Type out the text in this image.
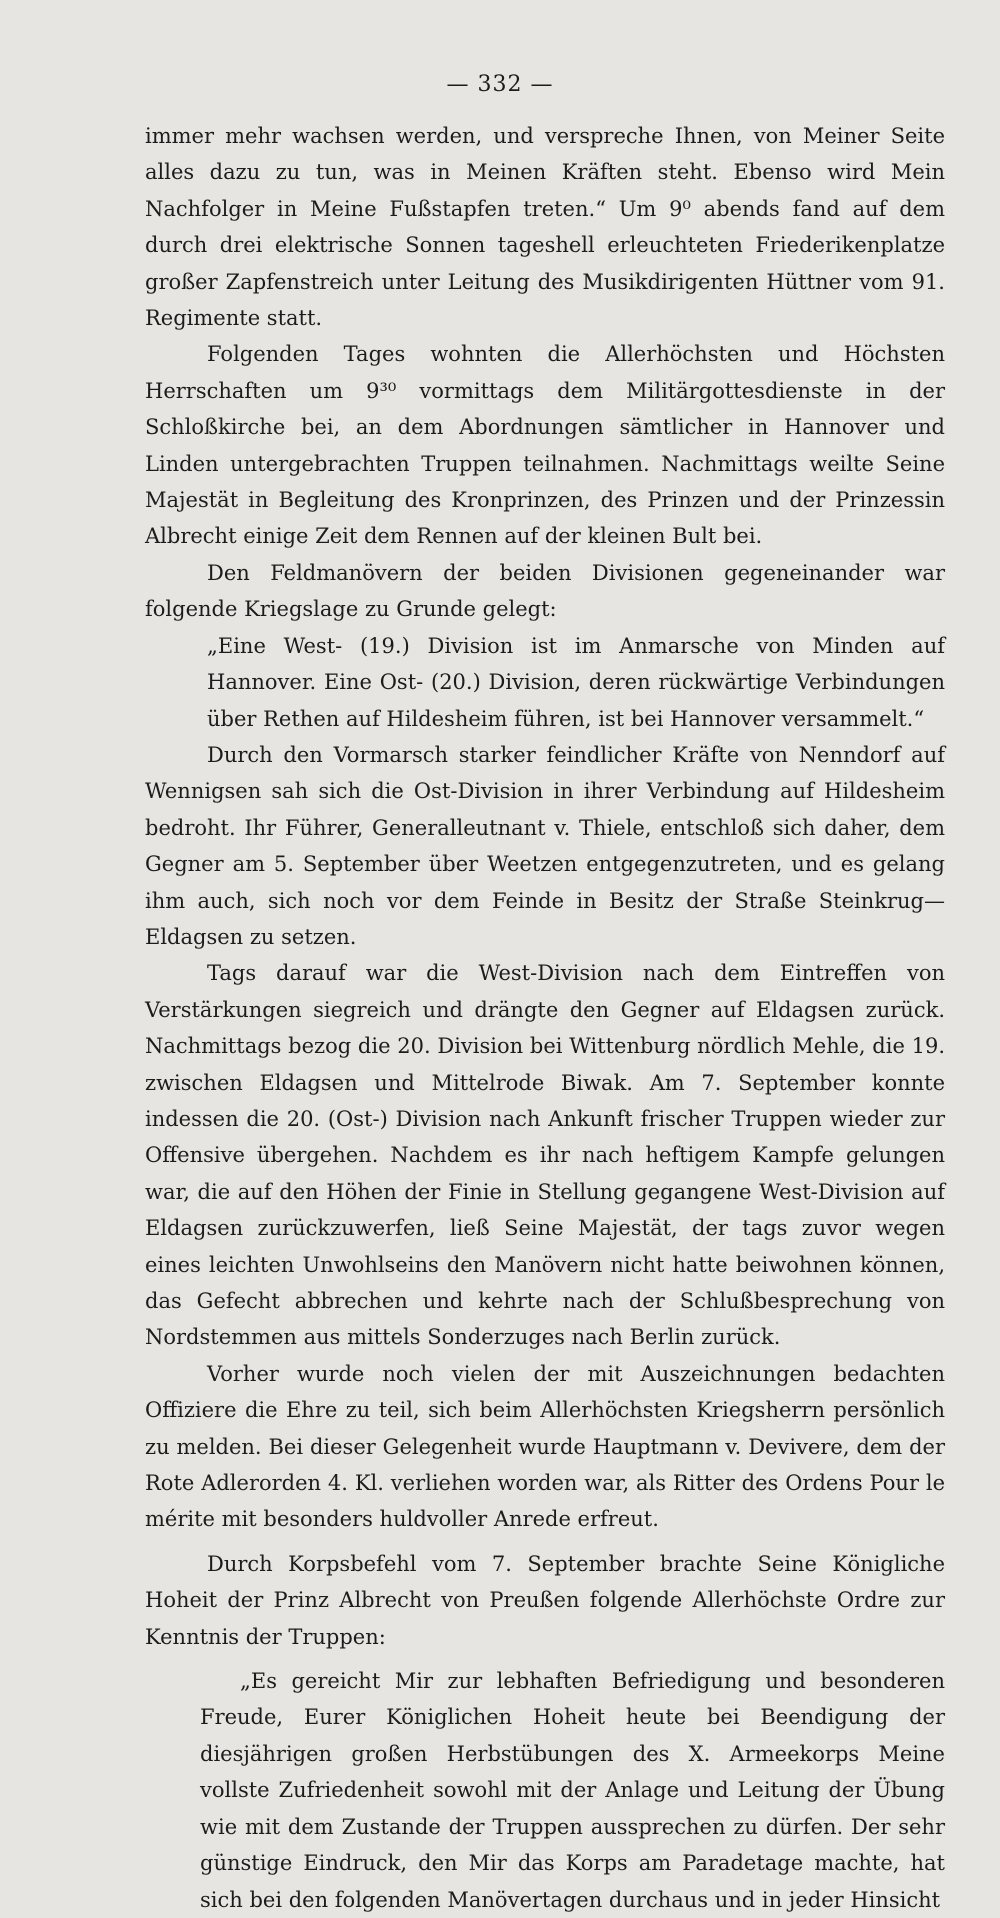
— 332 —

immer mehr wachsen werden, und verspreche Ihnen, von Meiner Seite alles dazu zu tun, was in Meinen Kräften steht. Ebenso wird Mein Nachfolger in Meine Fußstapfen treten.“ Um 9⁰ abends fand auf dem durch drei elektrische Sonnen tageshell erleuchteten Friederikenplatze großer Zapfenstreich unter Leitung des Musikdirigenten Hüttner vom 91. Regimente statt.

Folgenden Tages wohnten die Allerhöchsten und Höchsten Herrschaften um 9³⁰ vormittags dem Militärgottesdienste in der Schloßkirche bei, an dem Abordnungen sämtlicher in Hannover und Linden untergebrachten Truppen teilnahmen. Nachmittags weilte Seine Majestät in Begleitung des Kronprinzen, des Prinzen und der Prinzessin Albrecht einige Zeit dem Rennen auf der kleinen Bult bei.

Den Feldmanövern der beiden Divisionen gegeneinander war folgende Kriegslage zu Grunde gelegt:

„Eine West- (19.) Division ist im Anmarsche von Minden auf Hannover. Eine Ost- (20.) Division, deren rückwärtige Verbindungen über Rethen auf Hildesheim führen, ist bei Hannover versammelt.“

Durch den Vormarsch starker feindlicher Kräfte von Nenndorf auf Wennigsen sah sich die Ost-Division in ihrer Verbindung auf Hildesheim bedroht. Ihr Führer, Generalleutnant v. Thiele, entschloß sich daher, dem Gegner am 5. September über Weetzen entgegenzutreten, und es gelang ihm auch, sich noch vor dem Feinde in Besitz der Straße Steinkrug—Eldagsen zu setzen.

Tags darauf war die West-Division nach dem Eintreffen von Verstärkungen siegreich und drängte den Gegner auf Eldagsen zurück. Nachmittags bezog die 20. Division bei Wittenburg nördlich Mehle, die 19. zwischen Eldagsen und Mittelrode Biwak. Am 7. September konnte indessen die 20. (Ost-) Division nach Ankunft frischer Truppen wieder zur Offensive übergehen. Nachdem es ihr nach heftigem Kampfe gelungen war, die auf den Höhen der Finie in Stellung gegangene West-Division auf Eldagsen zurückzuwerfen, ließ Seine Majestät, der tags zuvor wegen eines leichten Unwohlseins den Manövern nicht hatte beiwohnen können, das Gefecht abbrechen und kehrte nach der Schlußbesprechung von Nordstemmen aus mittels Sonderzuges nach Berlin zurück.

Vorher wurde noch vielen der mit Auszeichnungen bedachten Offiziere die Ehre zu teil, sich beim Allerhöchsten Kriegsherrn persönlich zu melden. Bei dieser Gelegenheit wurde Hauptmann v. Devivere, dem der Rote Adlerorden 4. Kl. verliehen worden war, als Ritter des Ordens Pour le mérite mit besonders huldvoller Anrede erfreut.

Durch Korpsbefehl vom 7. September brachte Seine Königliche Hoheit der Prinz Albrecht von Preußen folgende Allerhöchste Ordre zur Kenntnis der Truppen:

„Es gereicht Mir zur lebhaften Befriedigung und besonderen Freude, Eurer Königlichen Hoheit heute bei Beendigung der diesjährigen großen Herbstübungen des X. Armeekorps Meine vollste Zufriedenheit sowohl mit der Anlage und Leitung der Übung wie mit dem Zustande der Truppen aussprechen zu dürfen. Der sehr günstige Eindruck, den Mir das Korps am Paradetage machte, hat sich bei den folgenden Manövertagen durchaus und in jeder Hinsicht
